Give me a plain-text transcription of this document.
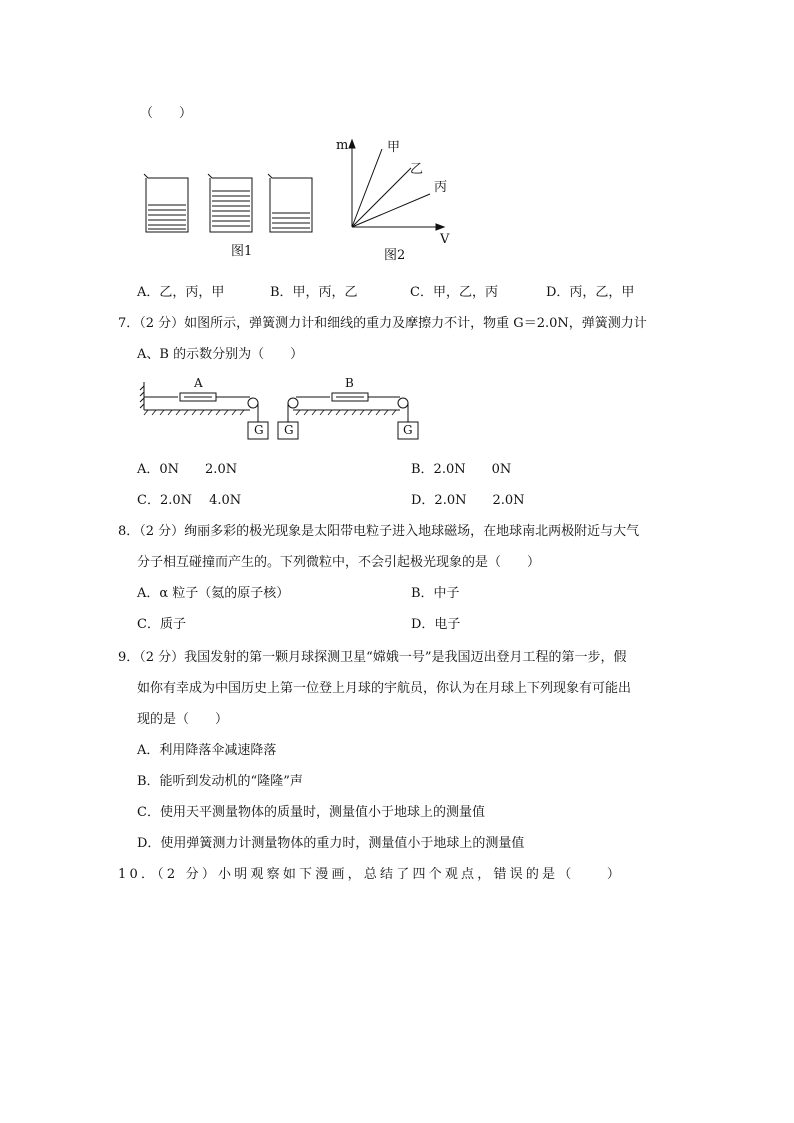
（　　）
图1
m
V
甲
乙
丙
图2
A．乙，丙，甲	B．甲，丙，乙	C．甲，乙，丙	D．丙，乙，甲
7．（2 分）如图所示，弹簧测力计和细线的重力及摩擦力不计，物重 G＝2.0N，弹簧测力计
A、B 的示数分别为（　　）
A	B
G G	G
A．0N　　2.0N	B．2.0N　　0N
C．2.0N　 4.0N	D．2.0N　　2.0N
8．（2 分）绚丽多彩的极光现象是太阳带电粒子进入地球磁场，在地球南北两极附近与大气
分子相互碰撞而产生的。下列微粒中，不会引起极光现象的是（　　）
A．α 粒子（氦的原子核）	B．中子
C．质子	D．电子
9．（2 分）我国发射的第一颗月球探测卫星“嫦娥一号”是我国迈出登月工程的第一步，假
如你有幸成为中国历史上第一位登上月球的宇航员，你认为在月球上下列现象有可能出
现的是（　　）
A．利用降落伞减速降落
B．能听到发动机的“隆隆”声
C．使用天平测量物体的质量时，测量值小于地球上的测量值
D．使用弹簧测力计测量物体的重力时，测量值小于地球上的测量值
10．（2 分）小明观察如下漫画，总结了四个观点，错误的是（　　）
